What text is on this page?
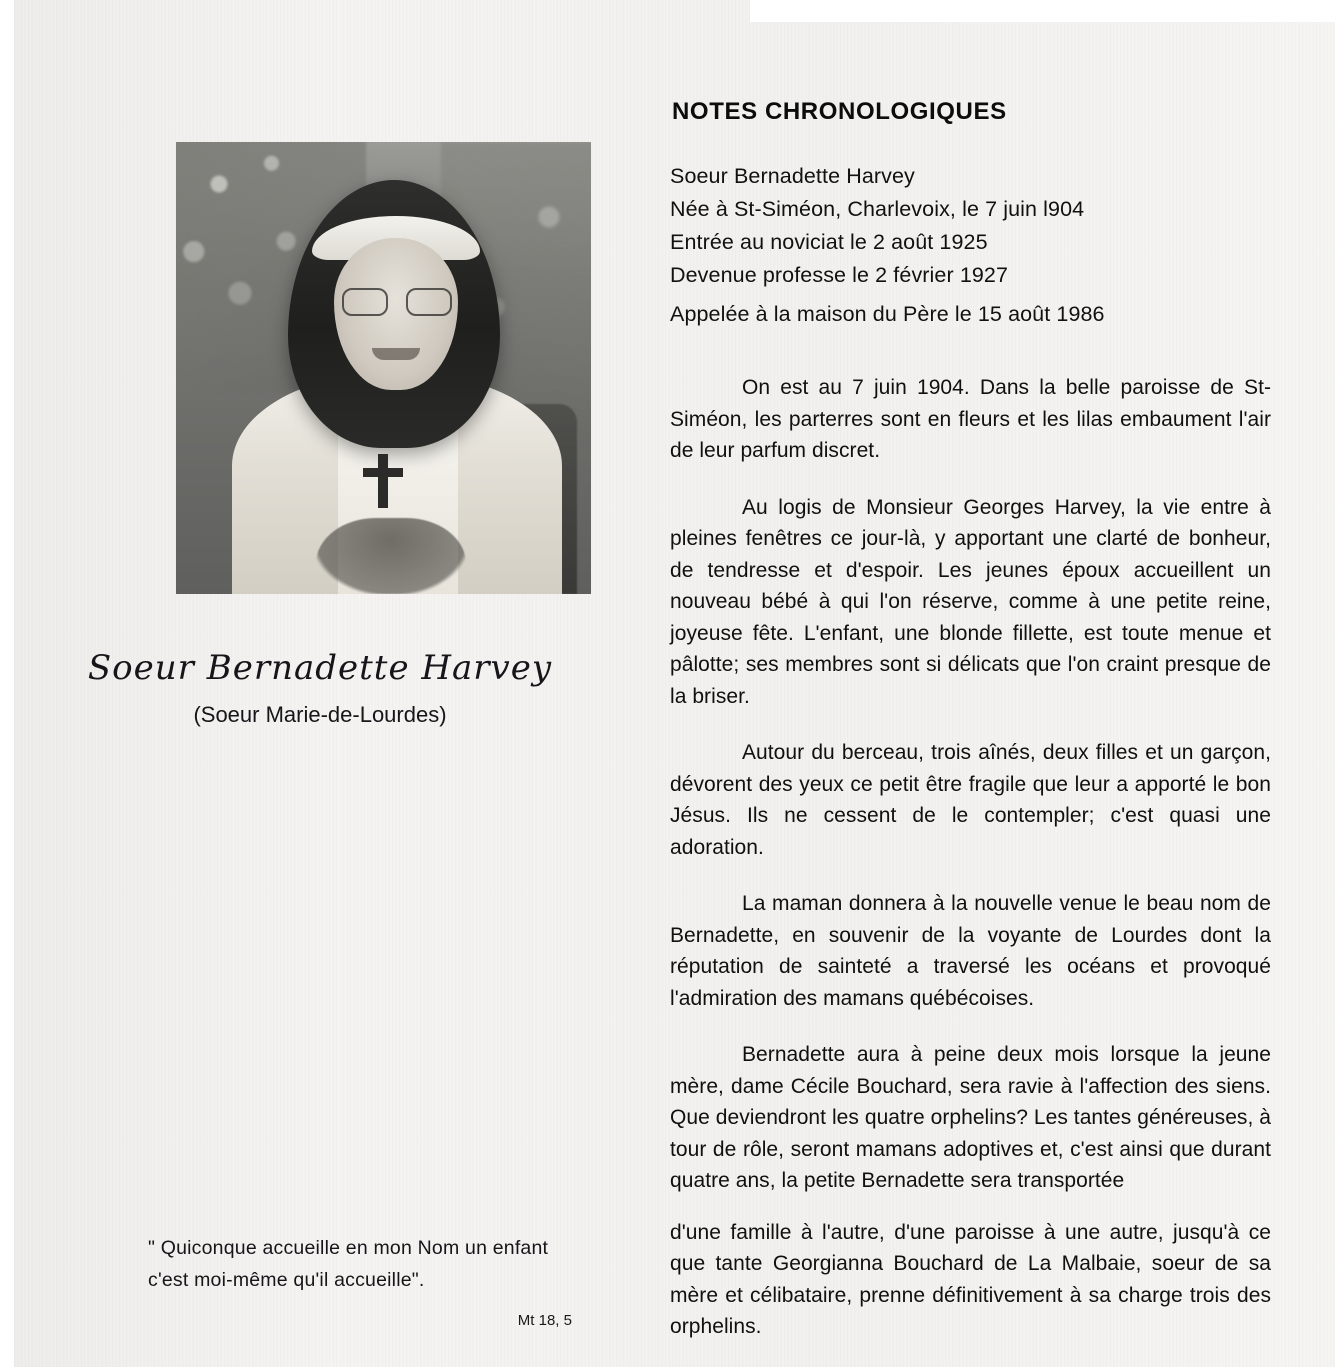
Soeur Bernadette Harvey
(Soeur Marie-de-Lourdes)
" Quiconque accueille en mon Nom un enfant
c'est moi-même qu'il accueille".
Mt 18, 5
NOTES CHRONOLOGIQUES
Soeur Bernadette Harvey
Née à St-Siméon, Charlevoix, le 7 juin l904
Entrée au noviciat le 2 août 1925
Devenue professe le 2 février 1927
Appelée à la maison du Père le 15 août 1986

On est au 7 juin 1904. Dans la belle paroisse de St-Siméon, les parterres sont en fleurs et les lilas embaument l'air de leur parfum discret.

Au logis de Monsieur Georges Harvey, la vie entre à pleines fenêtres ce jour-là, y apportant une clarté de bonheur, de tendresse et d'espoir. Les jeunes époux accueillent un nouveau bébé à qui l'on réserve, comme à une petite reine, joyeuse fête. L'enfant, une blonde fillette, est toute menue et pâlotte; ses membres sont si délicats que l'on craint presque de la briser.

Autour du berceau, trois aînés, deux filles et un garçon, dévorent des yeux ce petit être fragile que leur a apporté le bon Jésus. Ils ne cessent de le contempler; c'est quasi une adoration.

La maman donnera à la nouvelle venue le beau nom de Bernadette, en souvenir de la voyante de Lourdes dont la réputation de sainteté a traversé les océans et provoqué l'admiration des mamans québécoises.

Bernadette aura à peine deux mois lorsque la jeune mère, dame Cécile Bouchard, sera ravie à l'affection des siens. Que deviendront les quatre orphelins? Les tantes généreuses, à tour de rôle, seront mamans adoptives et, c'est ainsi que durant quatre ans, la petite Bernadette sera transportée

d'une famille à l'autre, d'une paroisse à une autre, jusqu'à ce que tante Georgianna Bouchard de La Malbaie, soeur de sa mère et célibataire, prenne définitivement à sa charge trois des orphelins.
